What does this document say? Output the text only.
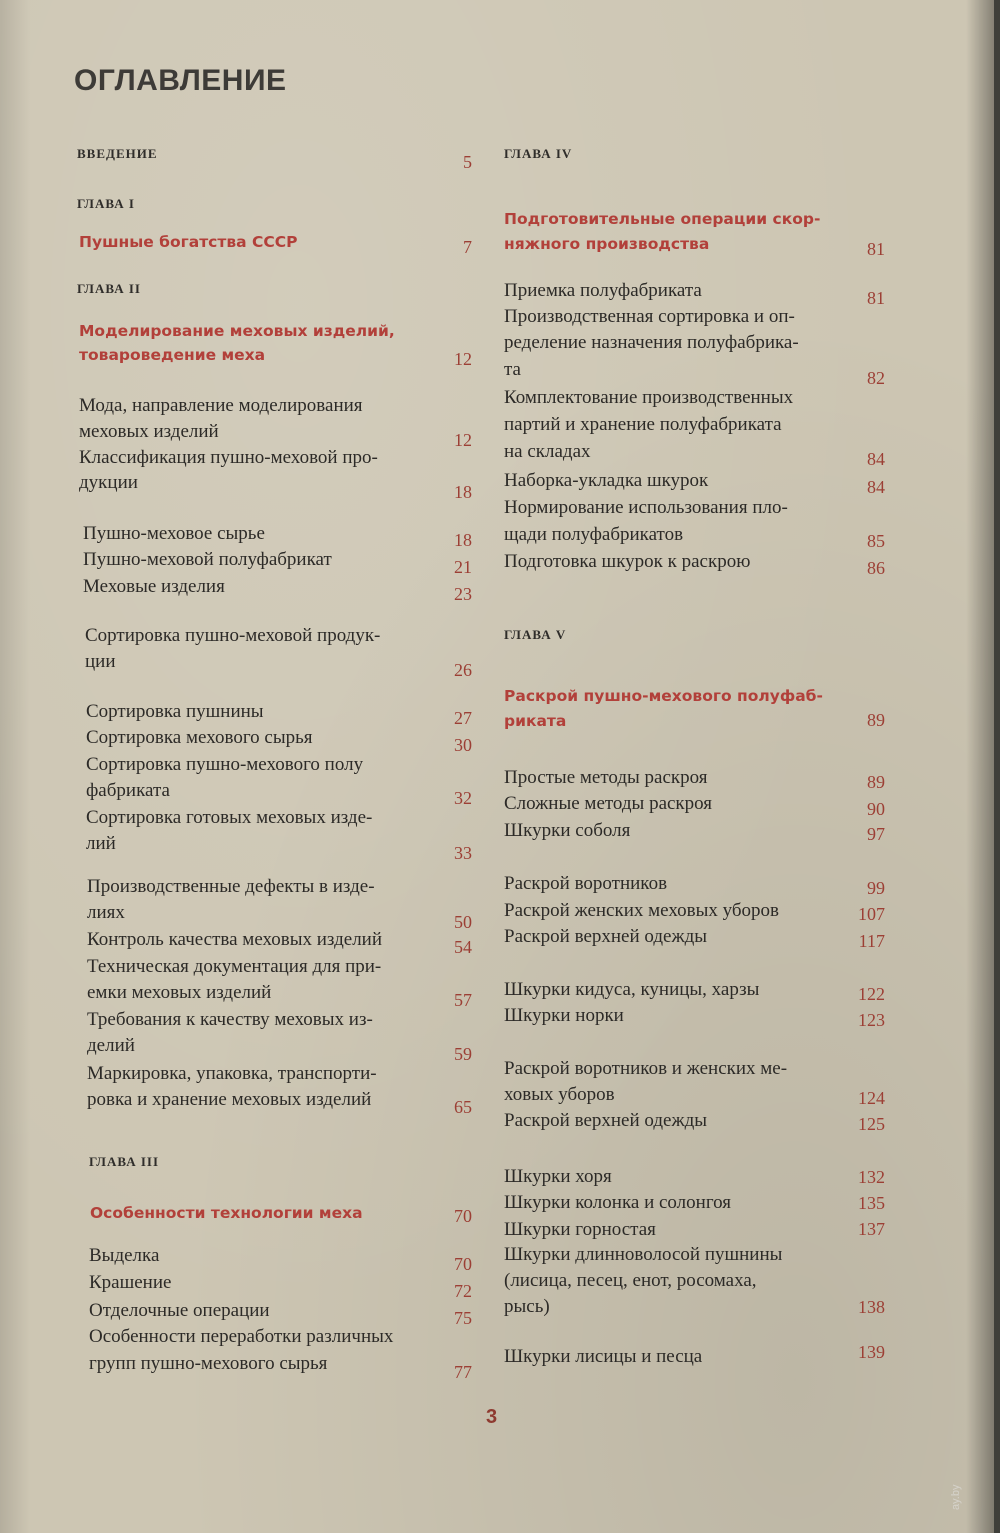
ОГЛАВЛЕНИЕ
ВВЕДЕНИЕ	5
ГЛАВА I
Пушные богатства СССР	7
ГЛАВА II
Моделирование меховых изделий,
товароведение меха	12
Мода, направление моделирования
меховых изделий	12
Классификация пушно-меховой про-
дукции	18
Пушно-меховое сырье	18
Пушно-меховой полуфабрикат	21
Меховые изделия	23
Сортировка пушно-меховой продук-
ции	26
Сортировка пушнины	27
Сортировка мехового сырья	30
Сортировка пушно-мехового полу
фабриката	32
Сортировка готовых меховых изде-
лий	33
Производственные дефекты в изде-
лиях	50
Контроль качества меховых изделий	54
Техническая документация для при-
емки меховых изделий	57
Требования к качеству меховых из-
делий	59
Маркировка, упаковка, транспорти-
ровка и хранение меховых изделий	65
ГЛАВА III
Особенности технологии меха	70
Выделка	70
Крашение	72
Отделочные операции	75
Особенности переработки различных
групп пушно-мехового сырья	77
ГЛАВА IV
Подготовительные операции скор-
няжного производства	81
Приемка полуфабриката	81
Производственная сортировка и оп-
ределение назначения полуфабрика-
та	82
Комплектование производственных
партий и хранение полуфабриката
на складах	84
Наборка-укладка шкурок	84
Нормирование использования пло-
щади полуфабрикатов	85
Подготовка шкурок к раскрою	86
ГЛАВА V
Раскрой пушно-мехового полуфаб-
риката	89
Простые методы раскроя	89
Сложные методы раскроя	90
Шкурки соболя	97
Раскрой воротников	99
Раскрой женских меховых уборов	107
Раскрой верхней одежды	117
Шкурки кидуса, куницы, харзы	122
Шкурки норки	123
Раскрой воротников и женских ме-
ховых уборов	124
Раскрой верхней одежды	125
Шкурки хоря	132
Шкурки колонка и солонгоя	135
Шкурки горностая	137
Шкурки длинноволосой пушнины
(лисица, песец, енот, росомаха,
рысь)	138
Шкурки лисицы и песца	139
3
ay.by
